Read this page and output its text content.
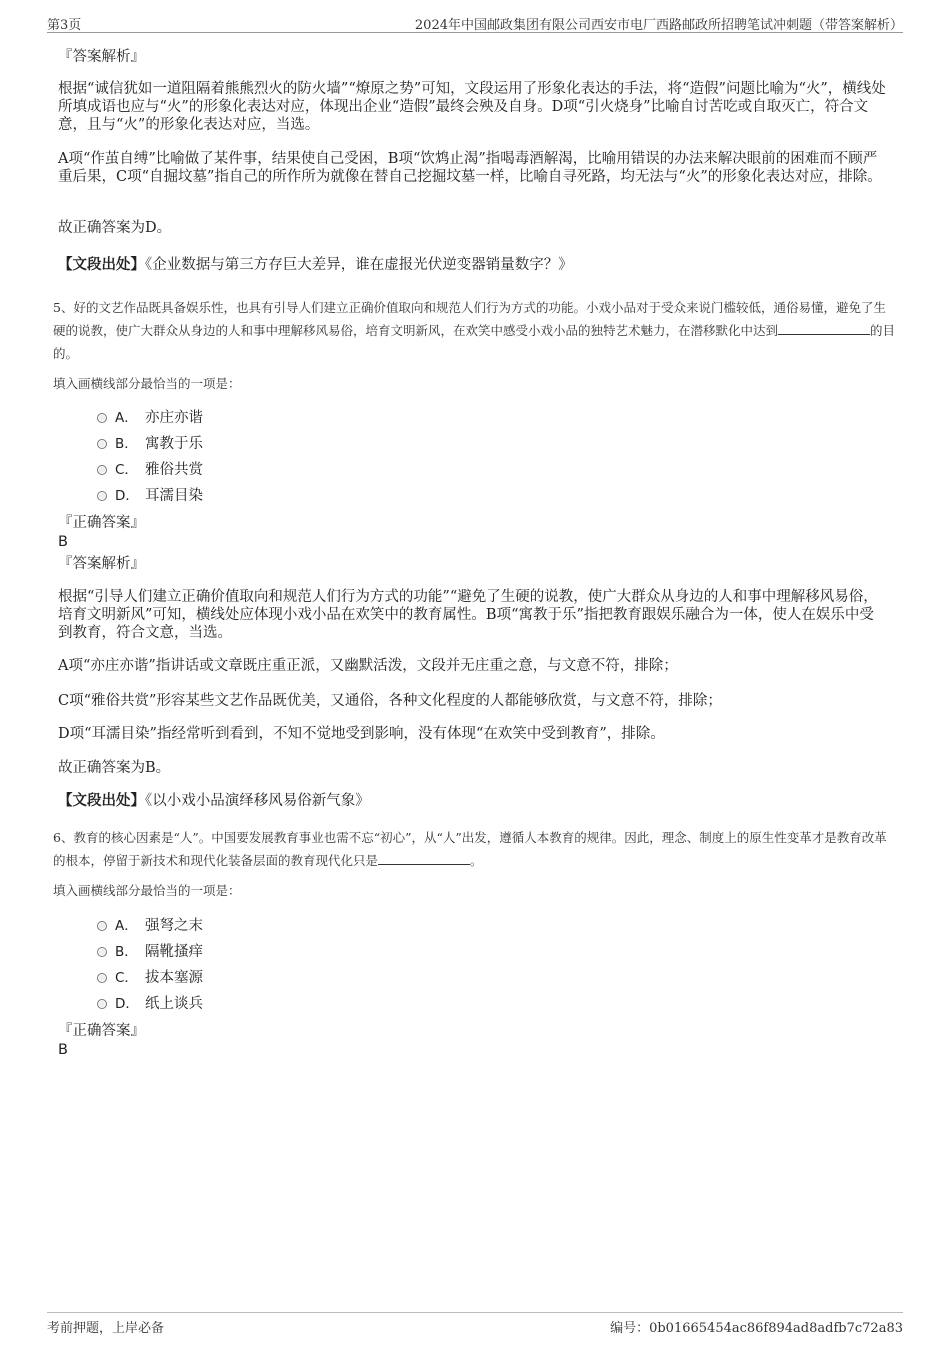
第3页	2024年中国邮政集团有限公司西安市电厂西路邮政所招聘笔试冲刺题（带答案解析）
『答案解析』
根据“诚信犹如一道阻隔着熊熊烈火的防火墙”“燎原之势”可知，文段运用了形象化表达的手法，将“造假”问题比喻为“火”，横线处所填成语也应与“火”的形象化表达对应，体现出企业“造假”最终会殃及自身。D项“引火烧身”比喻自讨苦吃或自取灭亡，符合文意，且与“火”的形象化表达对应，当选。
A项“作茧自缚”比喻做了某件事，结果使自己受困，B项“饮鸩止渴”指喝毒酒解渴，比喻用错误的办法来解决眼前的困难而不顾严重后果，C项“自掘坟墓”指自己的所作所为就像在替自己挖掘坟墓一样，比喻自寻死路，均无法与“火”的形象化表达对应，排除。
故正确答案为D。
【文段出处】《企业数据与第三方存巨大差异，谁在虚报光伏逆变器销量数字？》
5、好的文艺作品既具备娱乐性，也具有引导人们建立正确价值取向和规范人们行为方式的功能。小戏小品对于受众来说门槛较低，通俗易懂，避免了生硬的说教，使广大群众从身边的人和事中理解移风易俗，培育文明新风，在欢笑中感受小戏小品的独特艺术魅力，在潜移默化中达到	的目的。
填入画横线部分最恰当的一项是：
A． 亦庄亦谐
B． 寓教于乐
C． 雅俗共赏
D． 耳濡目染
『正确答案』
B
『答案解析』
根据“引导人们建立正确价值取向和规范人们行为方式的功能”“避免了生硬的说教，使广大群众从身边的人和事中理解移风易俗，培育文明新风”可知，横线处应体现小戏小品在欢笑中的教育属性。B项“寓教于乐”指把教育跟娱乐融合为一体，使人在娱乐中受到教育，符合文意，当选。
A项“亦庄亦谐”指讲话或文章既庄重正派，又幽默活泼，文段并无庄重之意，与文意不符，排除；
C项“雅俗共赏”形容某些文艺作品既优美，又通俗，各种文化程度的人都能够欣赏，与文意不符，排除；
D项“耳濡目染”指经常听到看到，不知不觉地受到影响，没有体现“在欢笑中受到教育”，排除。
故正确答案为B。
【文段出处】《以小戏小品演绎移风易俗新气象》
6、教育的核心因素是“人”。中国要发展教育事业也需不忘“初心”，从“人”出发，遵循人本教育的规律。因此，理念、制度上的原生性变革才是教育改革的根本，停留于新技术和现代化装备层面的教育现代化只是	。
填入画横线部分最恰当的一项是：
A． 强弩之末
B． 隔靴搔痒
C． 拔本塞源
D． 纸上谈兵
『正确答案』
B
考前押题，上岸必备	编号：0b01665454ac86f894ad8adfb7c72a83
